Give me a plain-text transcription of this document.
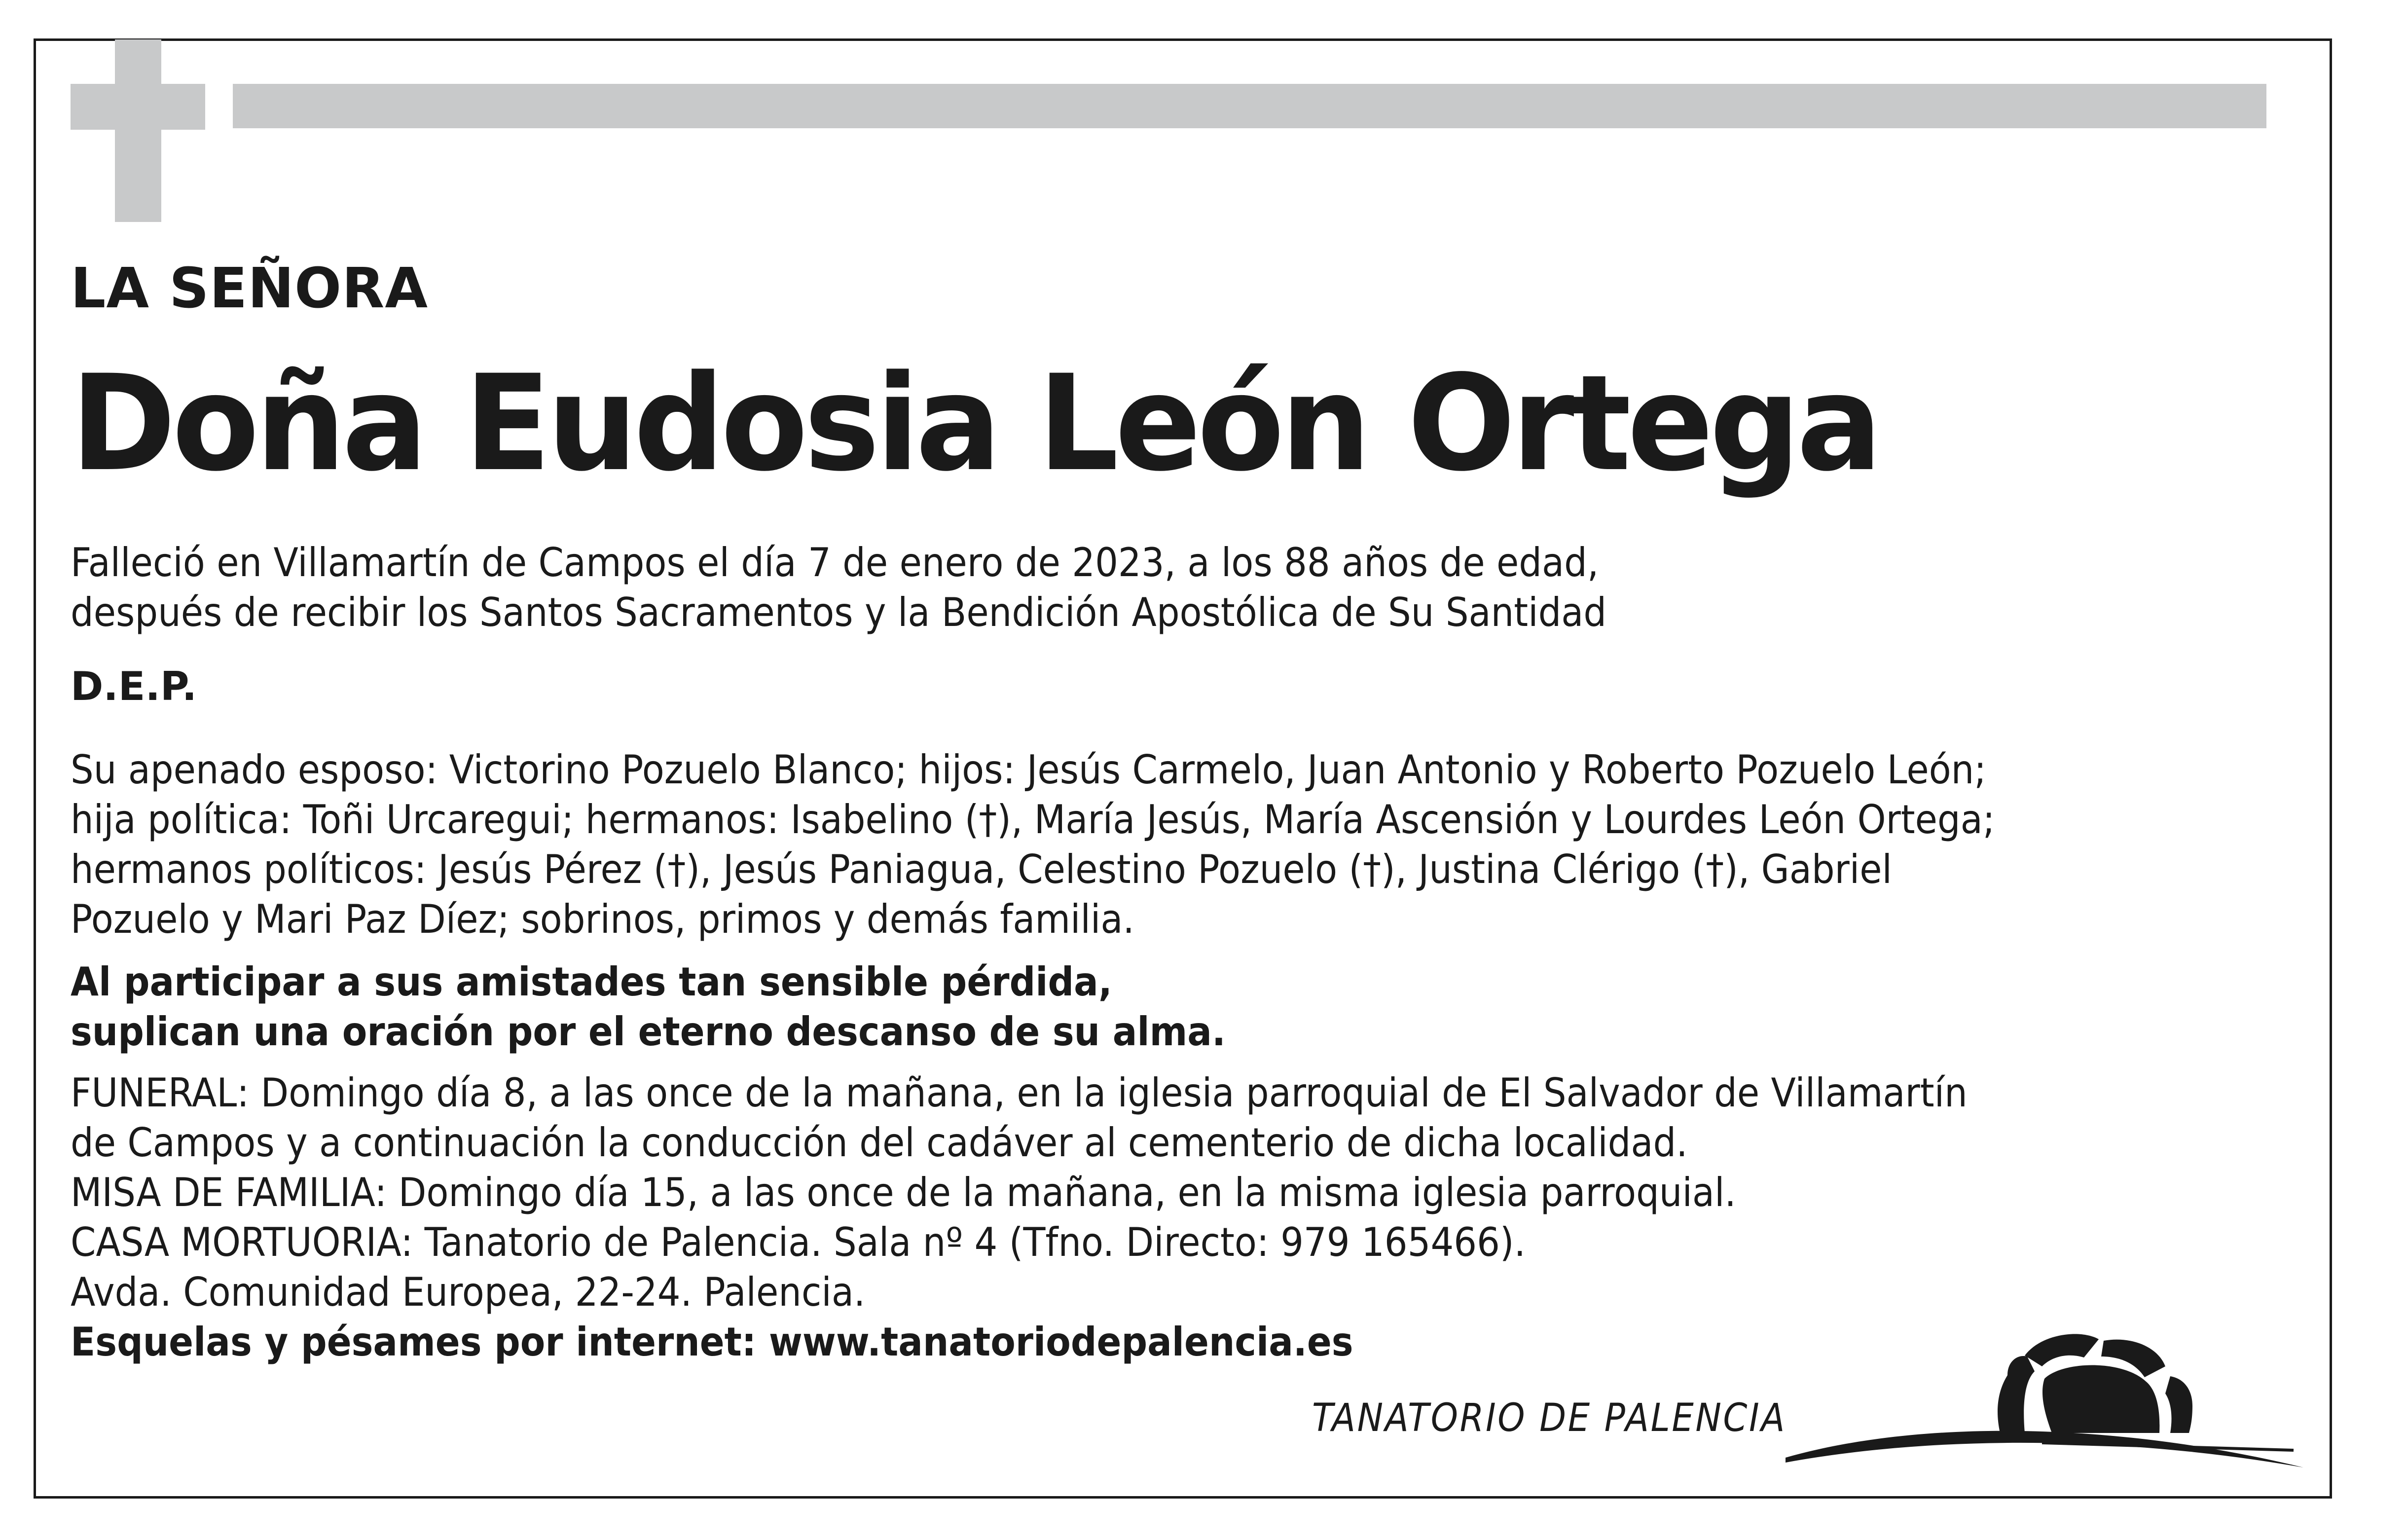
LA SEÑORA
Doña Eudosia León Ortega
Falleció en Villamartín de Campos el día 7 de enero de 2023, a los 88 años de edad,
después de recibir los Santos Sacramentos y la Bendición Apostólica de Su Santidad
D.E.P.
Su apenado esposo: Victorino Pozuelo Blanco; hijos: Jesús Carmelo, Juan Antonio y Roberto Pozuelo León;
hija política: Toñi Urcaregui; hermanos: Isabelino (†), María Jesús, María Ascensión y Lourdes León Ortega;
hermanos políticos: Jesús Pérez (†), Jesús Paniagua, Celestino Pozuelo (†), Justina Clérigo (†), Gabriel
Pozuelo y Mari Paz Díez; sobrinos, primos y demás familia.
Al participar a sus amistades tan sensible pérdida,
suplican una oración por el eterno descanso de su alma.
FUNERAL: Domingo día 8, a las once de la mañana, en la iglesia parroquial de El Salvador de Villamartín
de Campos y a continuación la conducción del cadáver al cementerio de dicha localidad.
MISA DE FAMILIA: Domingo día 15, a las once de la mañana, en la misma iglesia parroquial.
CASA MORTUORIA: Tanatorio de Palencia. Sala nº 4 (Tfno. Directo: 979 165466).
Avda. Comunidad Europea, 22-24. Palencia.
Esquelas y pésames por internet: www.tanatoriodepalencia.es
TANATORIO DE PALENCIA
